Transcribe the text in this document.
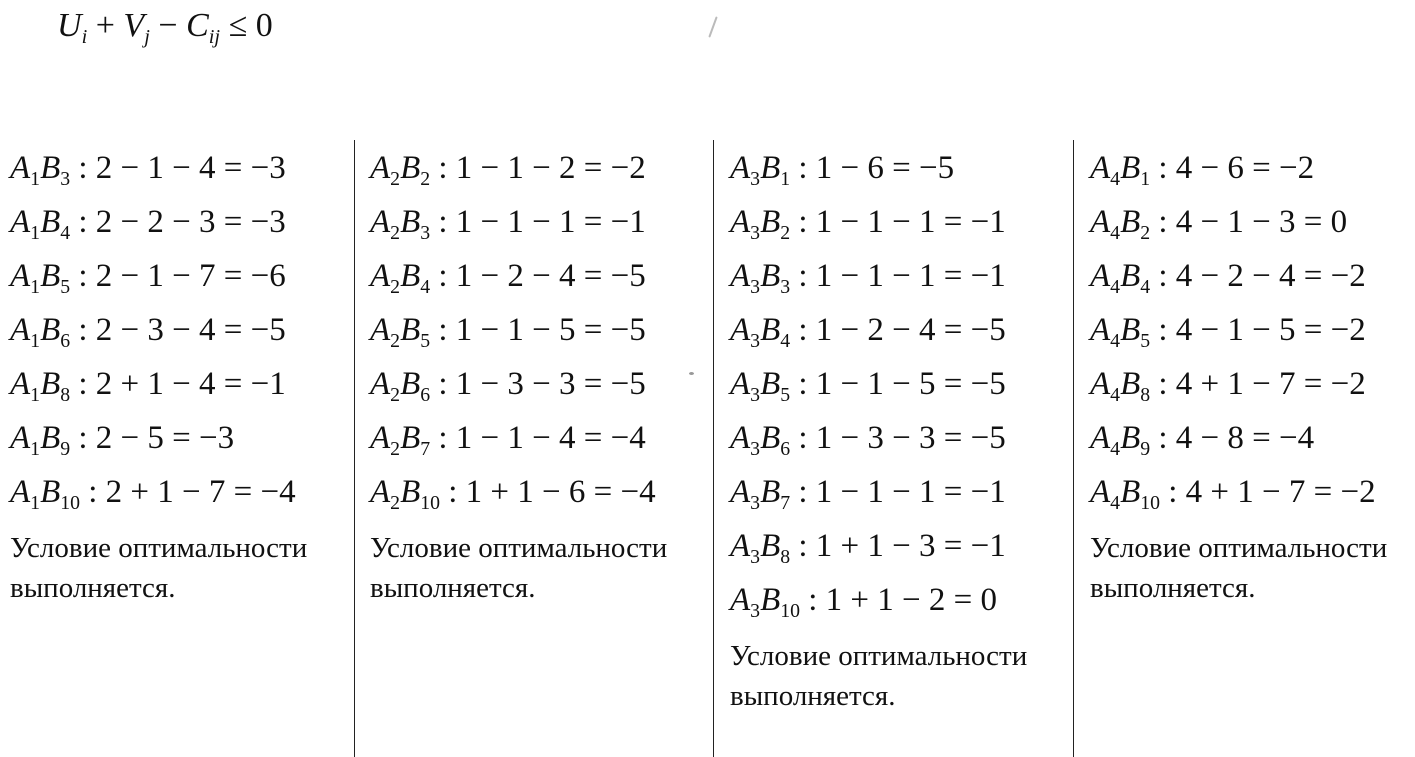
$U_i + V_j - C_{ij} \le 0$
$A_1B_3$ : 2 − 1 − 4 = −3
$A_1B_4$ : 2 − 2 − 3 = −3
$A_1B_5$ : 2 − 1 − 7 = −6
$A_1B_6$ : 2 − 3 − 4 = −5
$A_1B_8$ : 2 + 1 − 4 = −1
$A_1B_9$ : 2 − 5 = −3
$A_1B_{10}$ : 2 + 1 − 7 = −4
Условие оптимальности выполняется.
$A_2B_2$ : 1 − 1 − 2 = −2
$A_2B_3$ : 1 − 1 − 1 = −1
$A_2B_4$ : 1 − 2 − 4 = −5
$A_2B_5$ : 1 − 1 − 5 = −5
$A_2B_6$ : 1 − 3 − 3 = −5
$A_2B_7$ : 1 − 1 − 4 = −4
$A_2B_{10}$ : 1 + 1 − 6 = −4
Условие оптимальности выполняется.
$A_3B_1$ : 1 − 6 = −5
$A_3B_2$ : 1 − 1 − 1 = −1
$A_3B_3$ : 1 − 1 − 1 = −1
$A_3B_4$ : 1 − 2 − 4 = −5
$A_3B_5$ : 1 − 1 − 5 = −5
$A_3B_6$ : 1 − 3 − 3 = −5
$A_3B_7$ : 1 − 1 − 1 = −1
$A_3B_8$ : 1 + 1 − 3 = −1
$A_3B_{10}$ : 1 + 1 − 2 = 0
Условие оптимальности выполняется.
$A_4B_1$ : 4 − 6 = −2
$A_4B_2$ : 4 − 1 − 3 = 0
$A_4B_4$ : 4 − 2 − 4 = −2
$A_4B_5$ : 4 − 1 − 5 = −2
$A_4B_8$ : 4 + 1 − 7 = −2
$A_4B_9$ : 4 − 8 = −4
$A_4B_{10}$ : 4 + 1 − 7 = −2
Условие оптимальности выполняется.
